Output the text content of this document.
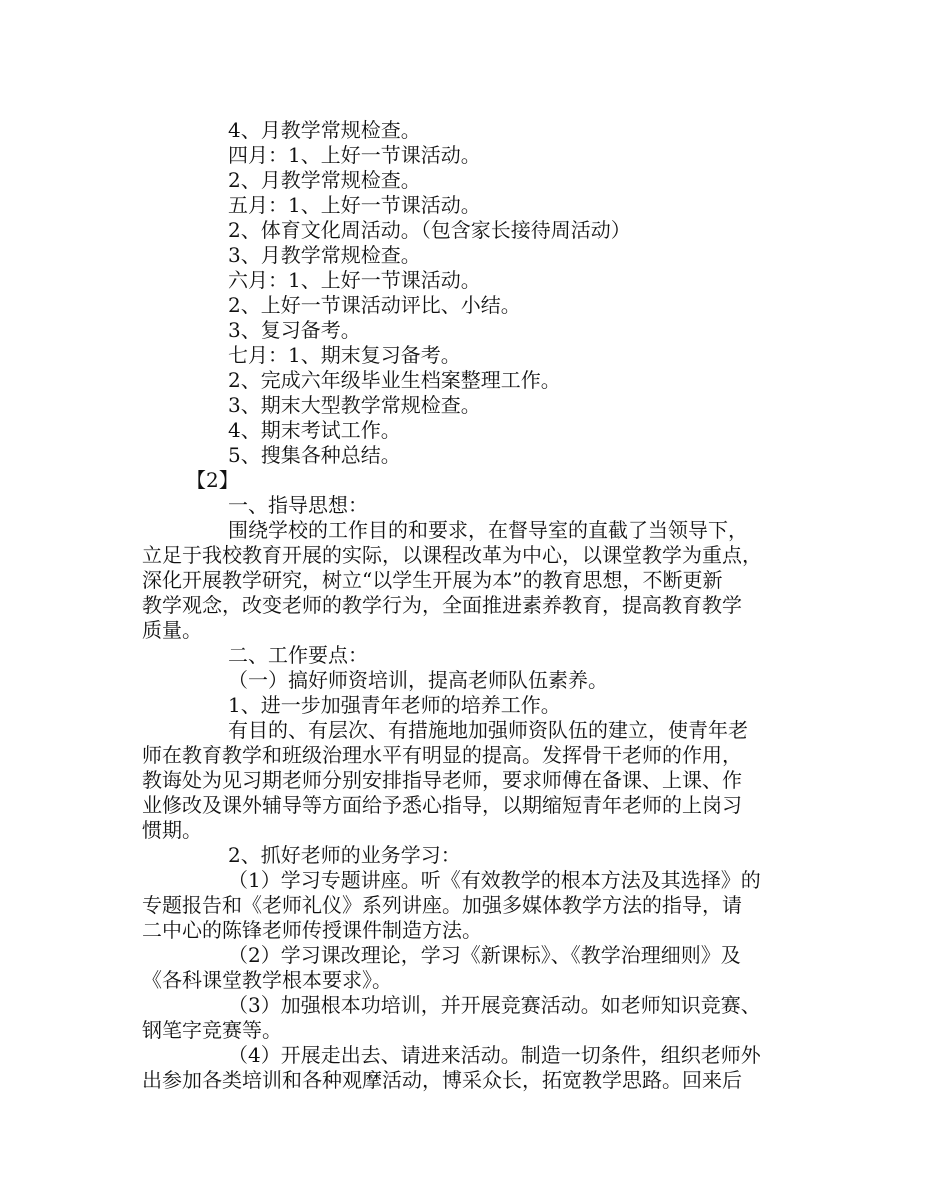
4、月教学常规检查。
四月：1、上好一节课活动。
2、月教学常规检查。
五月：1、上好一节课活动。
2、体育文化周活动。（包含家长接待周活动）
3、月教学常规检查。
六月：1、上好一节课活动。
2、上好一节课活动评比、小结。
3、复习备考。
七月：1、期末复习备考。
2、完成六年级毕业生档案整理工作。
3、期末大型教学常规检查。
4、期末考试工作。
5、搜集各种总结。
【2】
一、指导思想：
围绕学校的工作目的和要求，在督导室的直截了当领导下，
立足于我校教育开展的实际，以课程改革为中心，以课堂教学为重点，
深化开展教学研究，树立“以学生开展为本”的教育思想，不断更新
教学观念，改变老师的教学行为，全面推进素养教育，提高教育教学
质量。
二、工作要点：
（一）搞好师资培训，提高老师队伍素养。
1、进一步加强青年老师的培养工作。
有目的、有层次、有措施地加强师资队伍的建立，使青年老
师在教育教学和班级治理水平有明显的提高。发挥骨干老师的作用，
教诲处为见习期老师分别安排指导老师，要求师傅在备课、上课、作
业修改及课外辅导等方面给予悉心指导，以期缩短青年老师的上岗习
惯期。
2、抓好老师的业务学习：
（1）学习专题讲座。听《有效教学的根本方法及其选择》的
专题报告和《老师礼仪》系列讲座。加强多媒体教学方法的指导，请
二中心的陈锋老师传授课件制造方法。
（2）学习课改理论，学习《新课标》、《教学治理细则》及
《各科课堂教学根本要求》。
（3）加强根本功培训，并开展竞赛活动。如老师知识竞赛、
钢笔字竞赛等。
（4）开展走出去、请进来活动。制造一切条件，组织老师外
出参加各类培训和各种观摩活动，博采众长，拓宽教学思路。回来后
